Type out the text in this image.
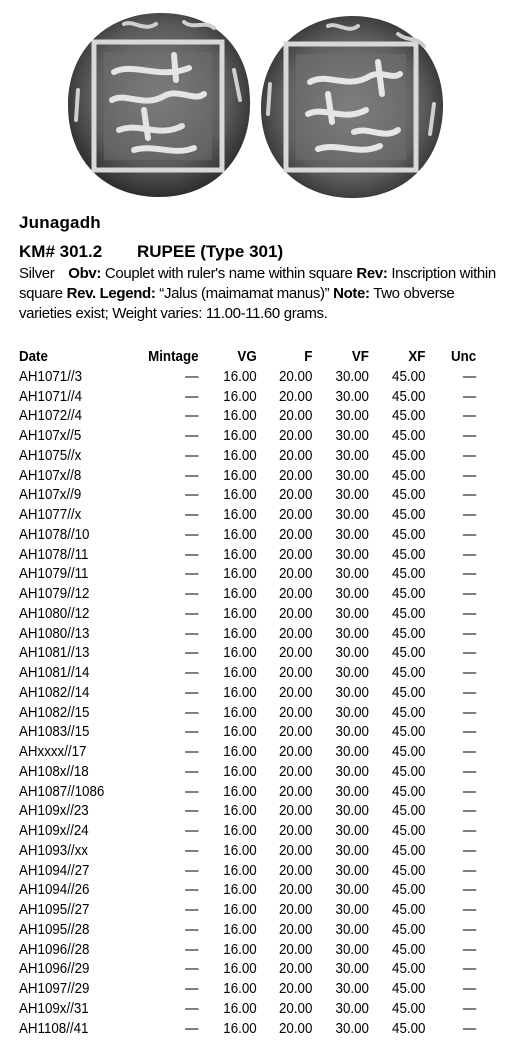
Junagadh
KM# 301.2 RUPEE (Type 301)
Silver Obv: Couplet with ruler's name within square Rev: Inscription within square Rev. Legend: “Jalus (maimamat manus)” Note: Two obverse varieties exist; Weight varies: 11.00-11.60 grams.
Date	Mintage	VG	F	VF	XF	Unc
AH1071//3	—	16.00	20.00	30.00	45.00	—
AH1071//4	—	16.00	20.00	30.00	45.00	—
AH1072//4	—	16.00	20.00	30.00	45.00	—
AH107x//5	—	16.00	20.00	30.00	45.00	—
AH1075//x	—	16.00	20.00	30.00	45.00	—
AH107x//8	—	16.00	20.00	30.00	45.00	—
AH107x//9	—	16.00	20.00	30.00	45.00	—
AH1077//x	—	16.00	20.00	30.00	45.00	—
AH1078//10	—	16.00	20.00	30.00	45.00	—
AH1078//11	—	16.00	20.00	30.00	45.00	—
AH1079//11	—	16.00	20.00	30.00	45.00	—
AH1079//12	—	16.00	20.00	30.00	45.00	—
AH1080//12	—	16.00	20.00	30.00	45.00	—
AH1080//13	—	16.00	20.00	30.00	45.00	—
AH1081//13	—	16.00	20.00	30.00	45.00	—
AH1081//14	—	16.00	20.00	30.00	45.00	—
AH1082//14	—	16.00	20.00	30.00	45.00	—
AH1082//15	—	16.00	20.00	30.00	45.00	—
AH1083//15	—	16.00	20.00	30.00	45.00	—
AHxxxx//17	—	16.00	20.00	30.00	45.00	—
AH108x//18	—	16.00	20.00	30.00	45.00	—
AH1087//1086	—	16.00	20.00	30.00	45.00	—
AH109x//23	—	16.00	20.00	30.00	45.00	—
AH109x//24	—	16.00	20.00	30.00	45.00	—
AH1093//xx	—	16.00	20.00	30.00	45.00	—
AH1094//27	—	16.00	20.00	30.00	45.00	—
AH1094//26	—	16.00	20.00	30.00	45.00	—
AH1095//27	—	16.00	20.00	30.00	45.00	—
AH1095//28	—	16.00	20.00	30.00	45.00	—
AH1096//28	—	16.00	20.00	30.00	45.00	—
AH1096//29	—	16.00	20.00	30.00	45.00	—
AH1097//29	—	16.00	20.00	30.00	45.00	—
AH109x//31	—	16.00	20.00	30.00	45.00	—
AH1108//41	—	16.00	20.00	30.00	45.00	—
